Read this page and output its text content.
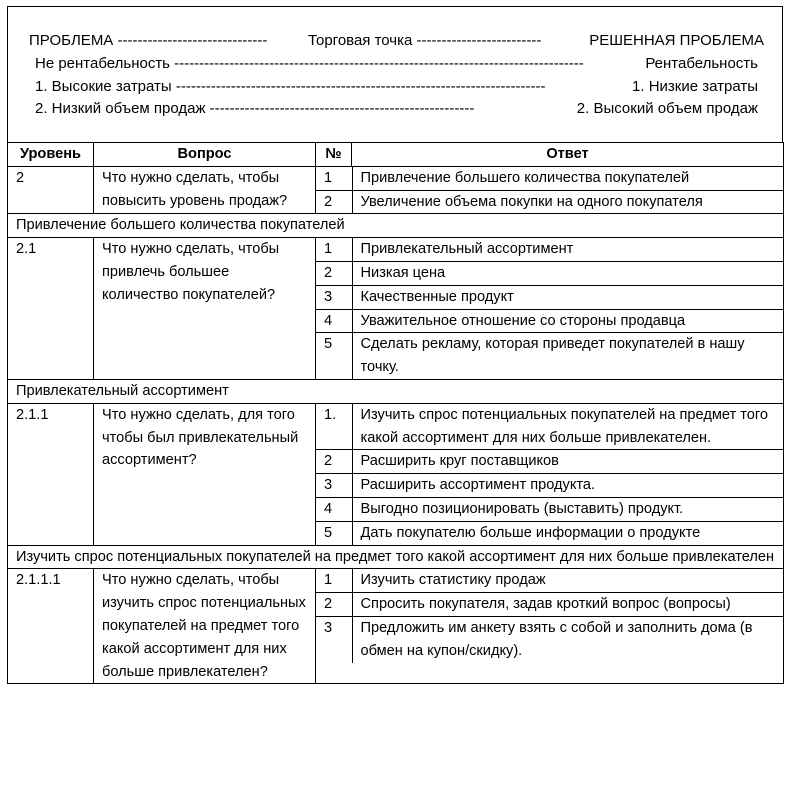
ПРОБЛЕМА ------------------------------	Торговая точка -------------------------	РЕШЕННАЯ ПРОБЛЕМА
Не рентабельность ----------------------------------------------------------------------------------	Рентабельность
1. Высокие затраты --------------------------------------------------------------------------	1. Низкие затраты
2. Низкий объем продаж -----------------------------------------------------	2. Высокий объем продаж
Уровень	Вопрос	№	Ответ
2	Что нужно сделать, чтобы повысить уровень продаж?	
1	Привлечение большего количества покупателей
2	Увеличение объема покупки на одного покупателя

Привлечение большего количества покупателей
2.1	Что нужно сделать, чтобы привлечь большее количество покупателей?	
1	Привлекательный ассортимент
2	Низкая цена
3	Качественные продукт
4	Уважительное отношение со стороны продавца
5	Сделать рекламу, которая приведет покупателей в нашу точку.

Привлекательный ассортимент
2.1.1	Что нужно сделать, для того чтобы был привлекательный ассортимент?	
1.	Изучить спрос потенциальных покупателей на предмет того какой ассортимент для них больше привлекателен.
2	Расширить круг поставщиков
3	Расширить ассортимент продукта.
4	Выгодно позиционировать (выставить) продукт.
5	Дать покупателю больше информации о продукте

Изучить спрос потенциальных покупателей на предмет того какой ассортимент для них больше привлекателен
2.1.1.1	Что нужно сделать, чтобы изучить спрос потенциальных покупателей на предмет того какой ассортимент для них больше привлекателен?	
1	Изучить статистику продаж
2	Спросить покупателя, задав кроткий вопрос (вопросы)
3	Предложить им анкету взять с собой и заполнить дома (в обмен на купон/скидку).
